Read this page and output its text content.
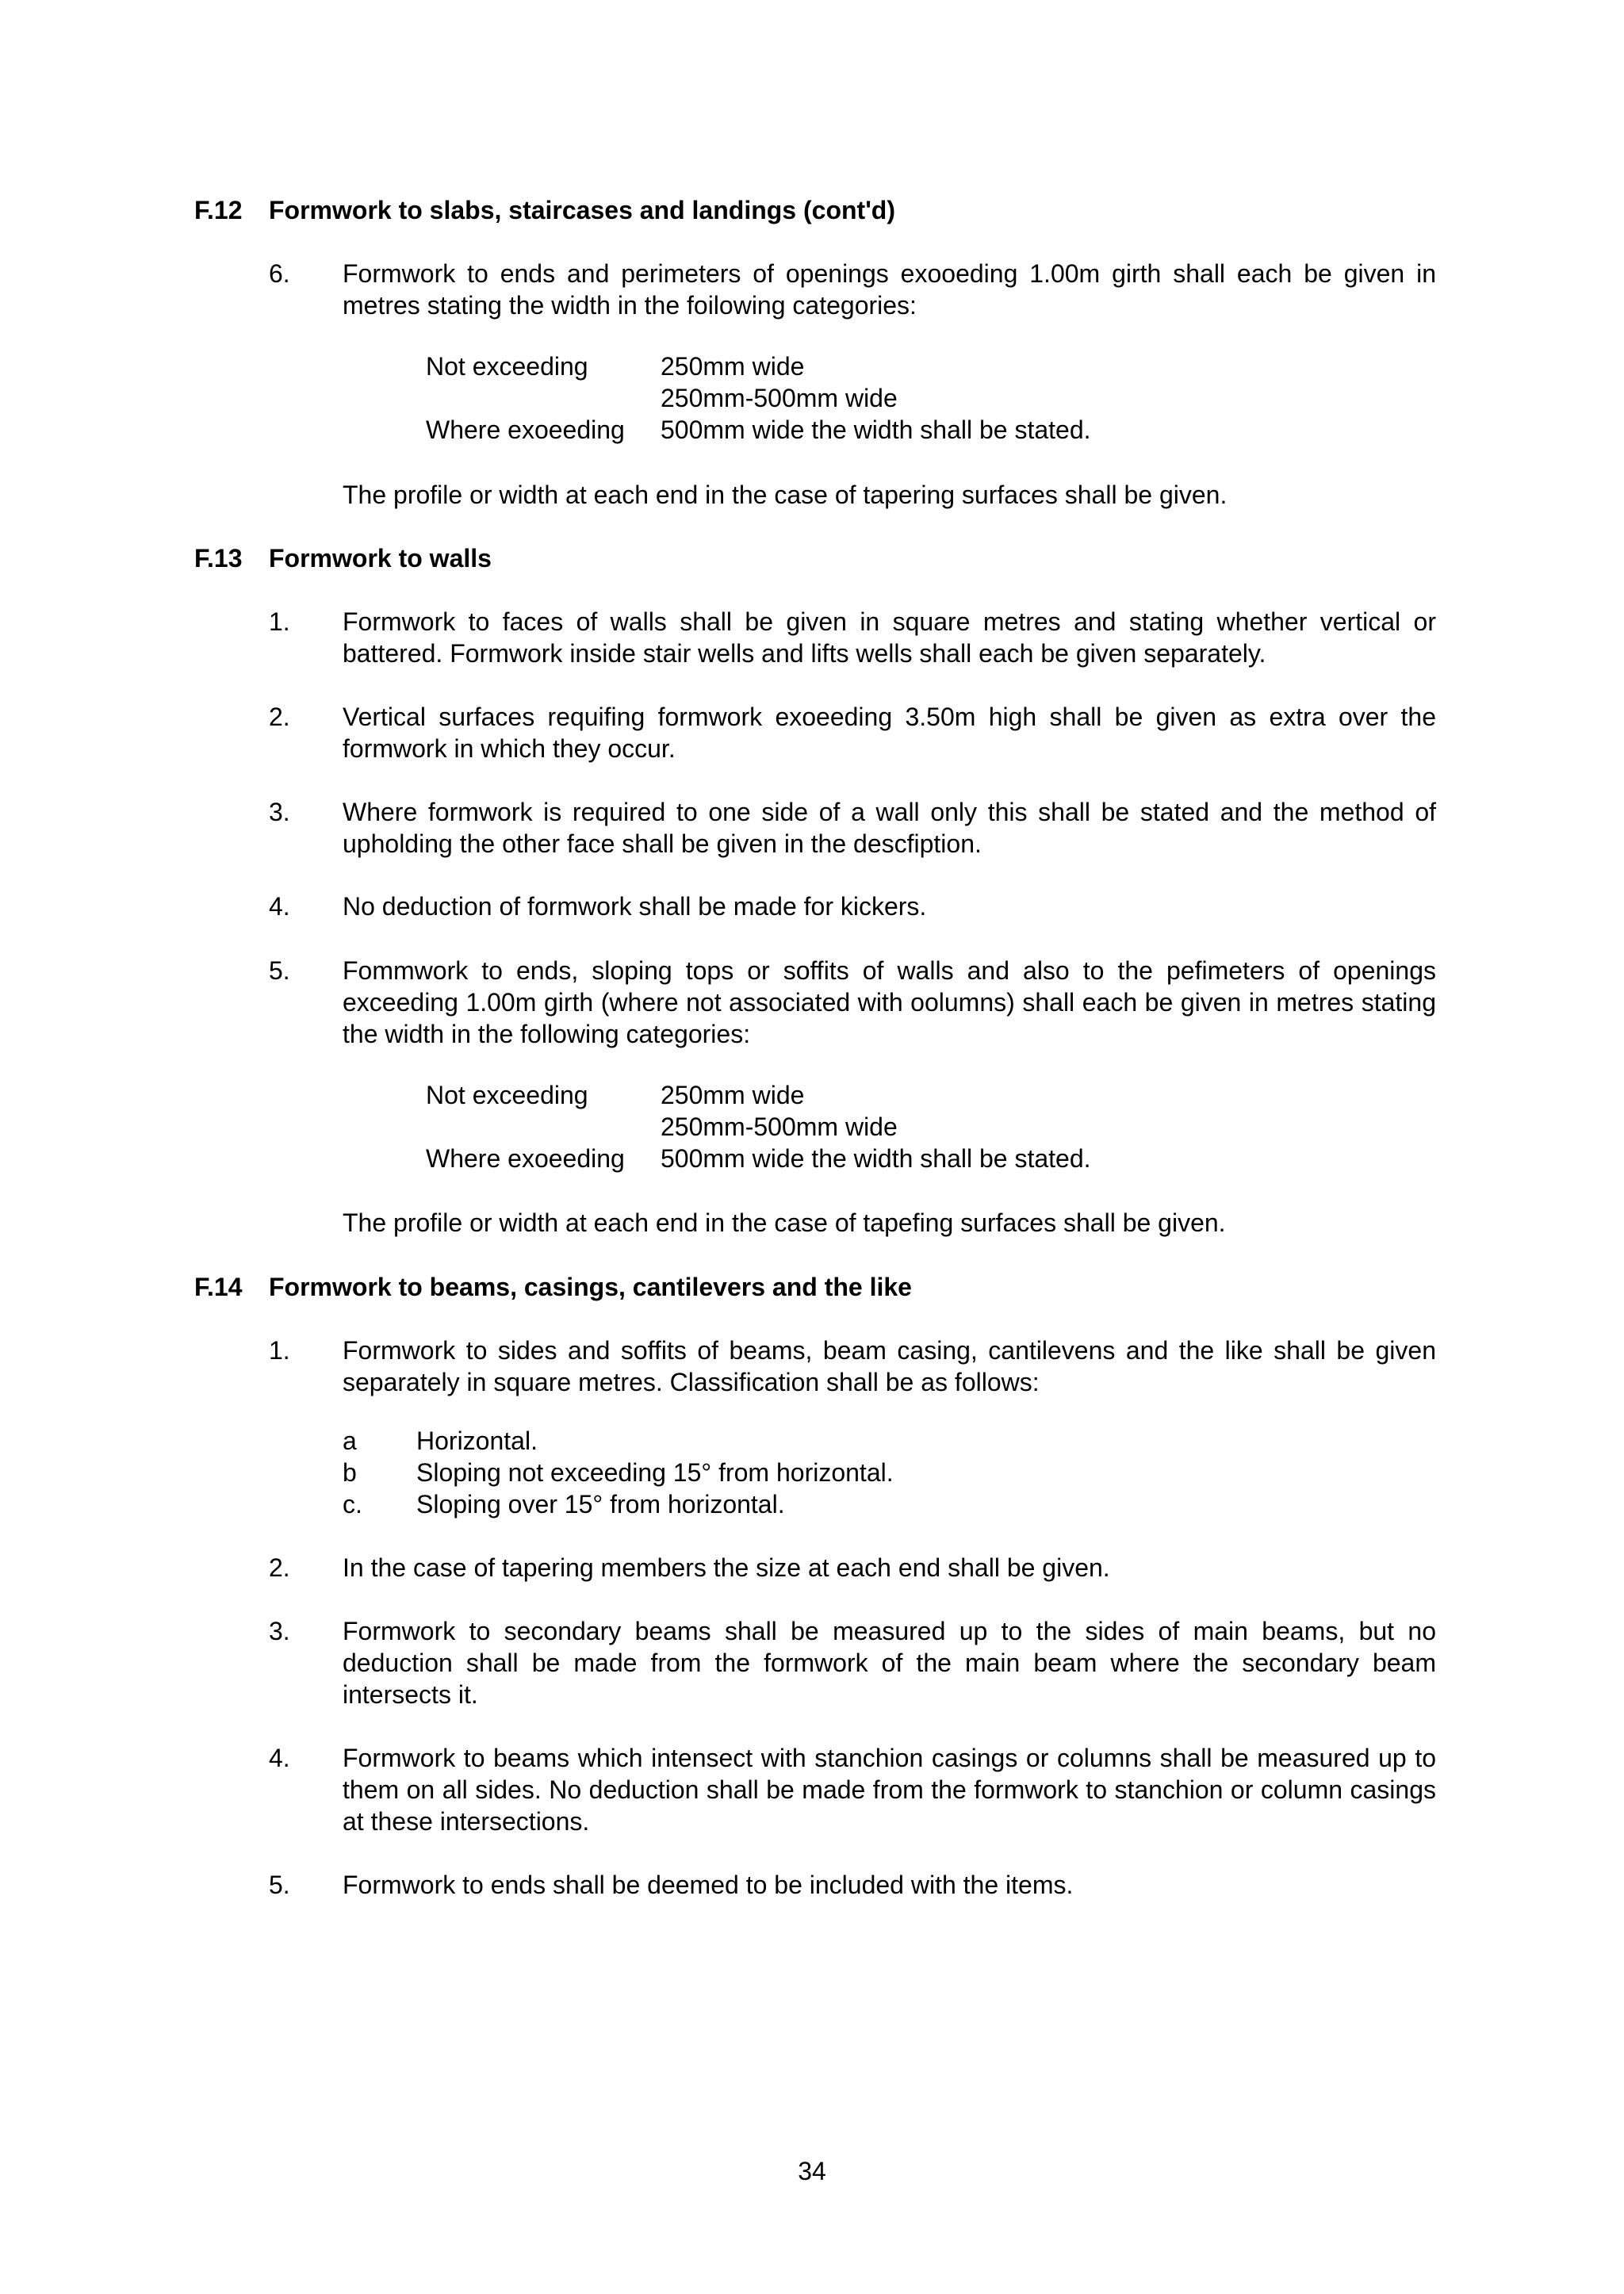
F.12 Formwork to slabs, staircases and landings (cont'd)
6. Formwork to ends and perimeters of openings exooeding 1.00m girth shall each be given in metres stating the width in the foilowing categories:
Not exceeding	250mm wide
250mm-500mm wide
Where exoeeding 500mm wide the width shall be stated.
The profile or width at each end in the case of tapering surfaces shall be given.
F.13 Formwork to walls
1. Formwork to faces of walls shall be given in square metres and stating whether vertical or battered. Formwork inside stair wells and lifts wells shall each be given separately.
2. Vertical surfaces requifing formwork exoeeding 3.50m high shall be given as extra over the formwork in which they occur.
3. Where formwork is required to one side of a wall only this shall be stated and the method of upholding the other face shall be given in the descfiption.
4. No deduction of formwork shall be made for kickers.
5. Fommwork to ends, sloping tops or soffits of walls and also to the pefimeters of openings exceeding 1.00m girth (where not associated with oolumns) shall each be given in metres stating the width in the following categories:
Not exceeding	250mm wide
250mm-500mm wide
Where exoeeding 500mm wide the width shall be stated.
The profile or width at each end in the case of tapefing surfaces shall be given.
F.14 Formwork to beams, casings, cantilevers and the like
1. Formwork to sides and soffits of beams, beam casing, cantilevens and the like shall be given separately in square metres. Classification shall be as follows:
a Horizontal.
b Sloping not exceeding 15° from horizontal.
c. Sloping over 15° from horizontal.
2. In the case of tapering members the size at each end shall be given.
3. Formwork to secondary beams shall be measured up to the sides of main beams, but no deduction shall be made from the formwork of the main beam where the secondary beam intersects it.
4. Formwork to beams which intensect with stanchion casings or columns shall be measured up to them on all sides. No deduction shall be made from the formwork to stanchion or column casings at these intersections.
5. Formwork to ends shall be deemed to be included with the items.
34
